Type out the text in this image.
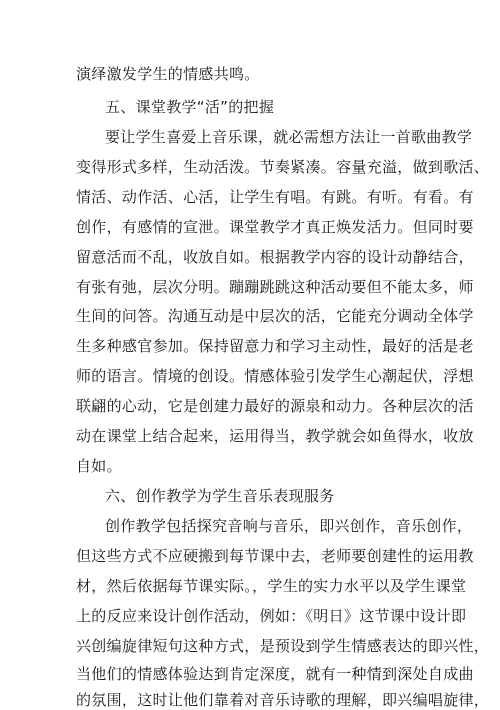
演绎激发学生的情感共鸣。
五、课堂教学“活”的把握
要让学生喜爱上音乐课，就必需想方法让一首歌曲教学
变得形式多样，生动活泼。节奏紧凑。容量充溢，做到歌活、
情活、动作活、心活，让学生有唱。有跳。有听。有看。有
创作，有感情的宣泄。课堂教学才真正焕发活力。但同时要
留意活而不乱，收放自如。根据教学内容的设计动静结合，
有张有弛，层次分明。蹦蹦跳跳这种活动要但不能太多，师
生间的问答。沟通互动是中层次的活，它能充分调动全体学
生多种感官参加。保持留意力和学习主动性，最好的活是老
师的语言。情境的创设。情感体验引发学生心潮起伏，浮想
联翩的心动，它是创建力最好的源泉和动力。各种层次的活
动在课堂上结合起来，运用得当，教学就会如鱼得水，收放
自如。
六、创作教学为学生音乐表现服务
创作教学包括探究音响与音乐，即兴创作，音乐创作，
但这些方式不应硬搬到每节课中去，老师要创建性的运用教
材，然后依据每节课实际。，学生的实力水平以及学生课堂
上的反应来设计创作活动，例如：《明日》这节课中设计即
兴创编旋律短句这种方式，是预设到学生情感表达的即兴性，
当他们的情感体验达到肯定深度，就有一种情到深处自成曲
的氛围，这时让他们靠着对音乐诗歌的理解，即兴编唱旋律，
